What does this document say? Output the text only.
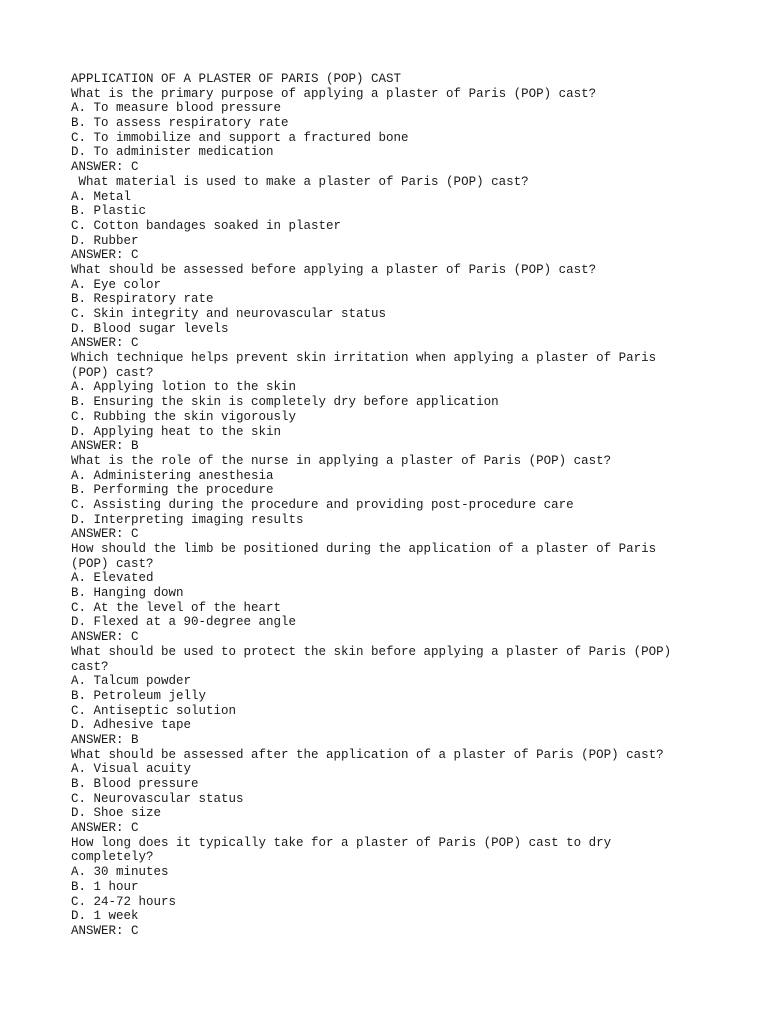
APPLICATION OF A PLASTER OF PARIS (POP) CAST
What is the primary purpose of applying a plaster of Paris (POP) cast?
A. To measure blood pressure
B. To assess respiratory rate
C. To immobilize and support a fractured bone
D. To administer medication
ANSWER: C
What material is used to make a plaster of Paris (POP) cast?
A. Metal
B. Plastic
C. Cotton bandages soaked in plaster
D. Rubber
ANSWER: C
What should be assessed before applying a plaster of Paris (POP) cast?
A. Eye color
B. Respiratory rate
C. Skin integrity and neurovascular status
D. Blood sugar levels
ANSWER: C
Which technique helps prevent skin irritation when applying a plaster of Paris
(POP) cast?
A. Applying lotion to the skin
B. Ensuring the skin is completely dry before application
C. Rubbing the skin vigorously
D. Applying heat to the skin
ANSWER: B
What is the role of the nurse in applying a plaster of Paris (POP) cast?
A. Administering anesthesia
B. Performing the procedure
C. Assisting during the procedure and providing post-procedure care
D. Interpreting imaging results
ANSWER: C
How should the limb be positioned during the application of a plaster of Paris
(POP) cast?
A. Elevated
B. Hanging down
C. At the level of the heart
D. Flexed at a 90-degree angle
ANSWER: C
What should be used to protect the skin before applying a plaster of Paris (POP)
cast?
A. Talcum powder
B. Petroleum jelly
C. Antiseptic solution
D. Adhesive tape
ANSWER: B
What should be assessed after the application of a plaster of Paris (POP) cast?
A. Visual acuity
B. Blood pressure
C. Neurovascular status
D. Shoe size
ANSWER: C
How long does it typically take for a plaster of Paris (POP) cast to dry
completely?
A. 30 minutes
B. 1 hour
C. 24-72 hours
D. 1 week
ANSWER: C
